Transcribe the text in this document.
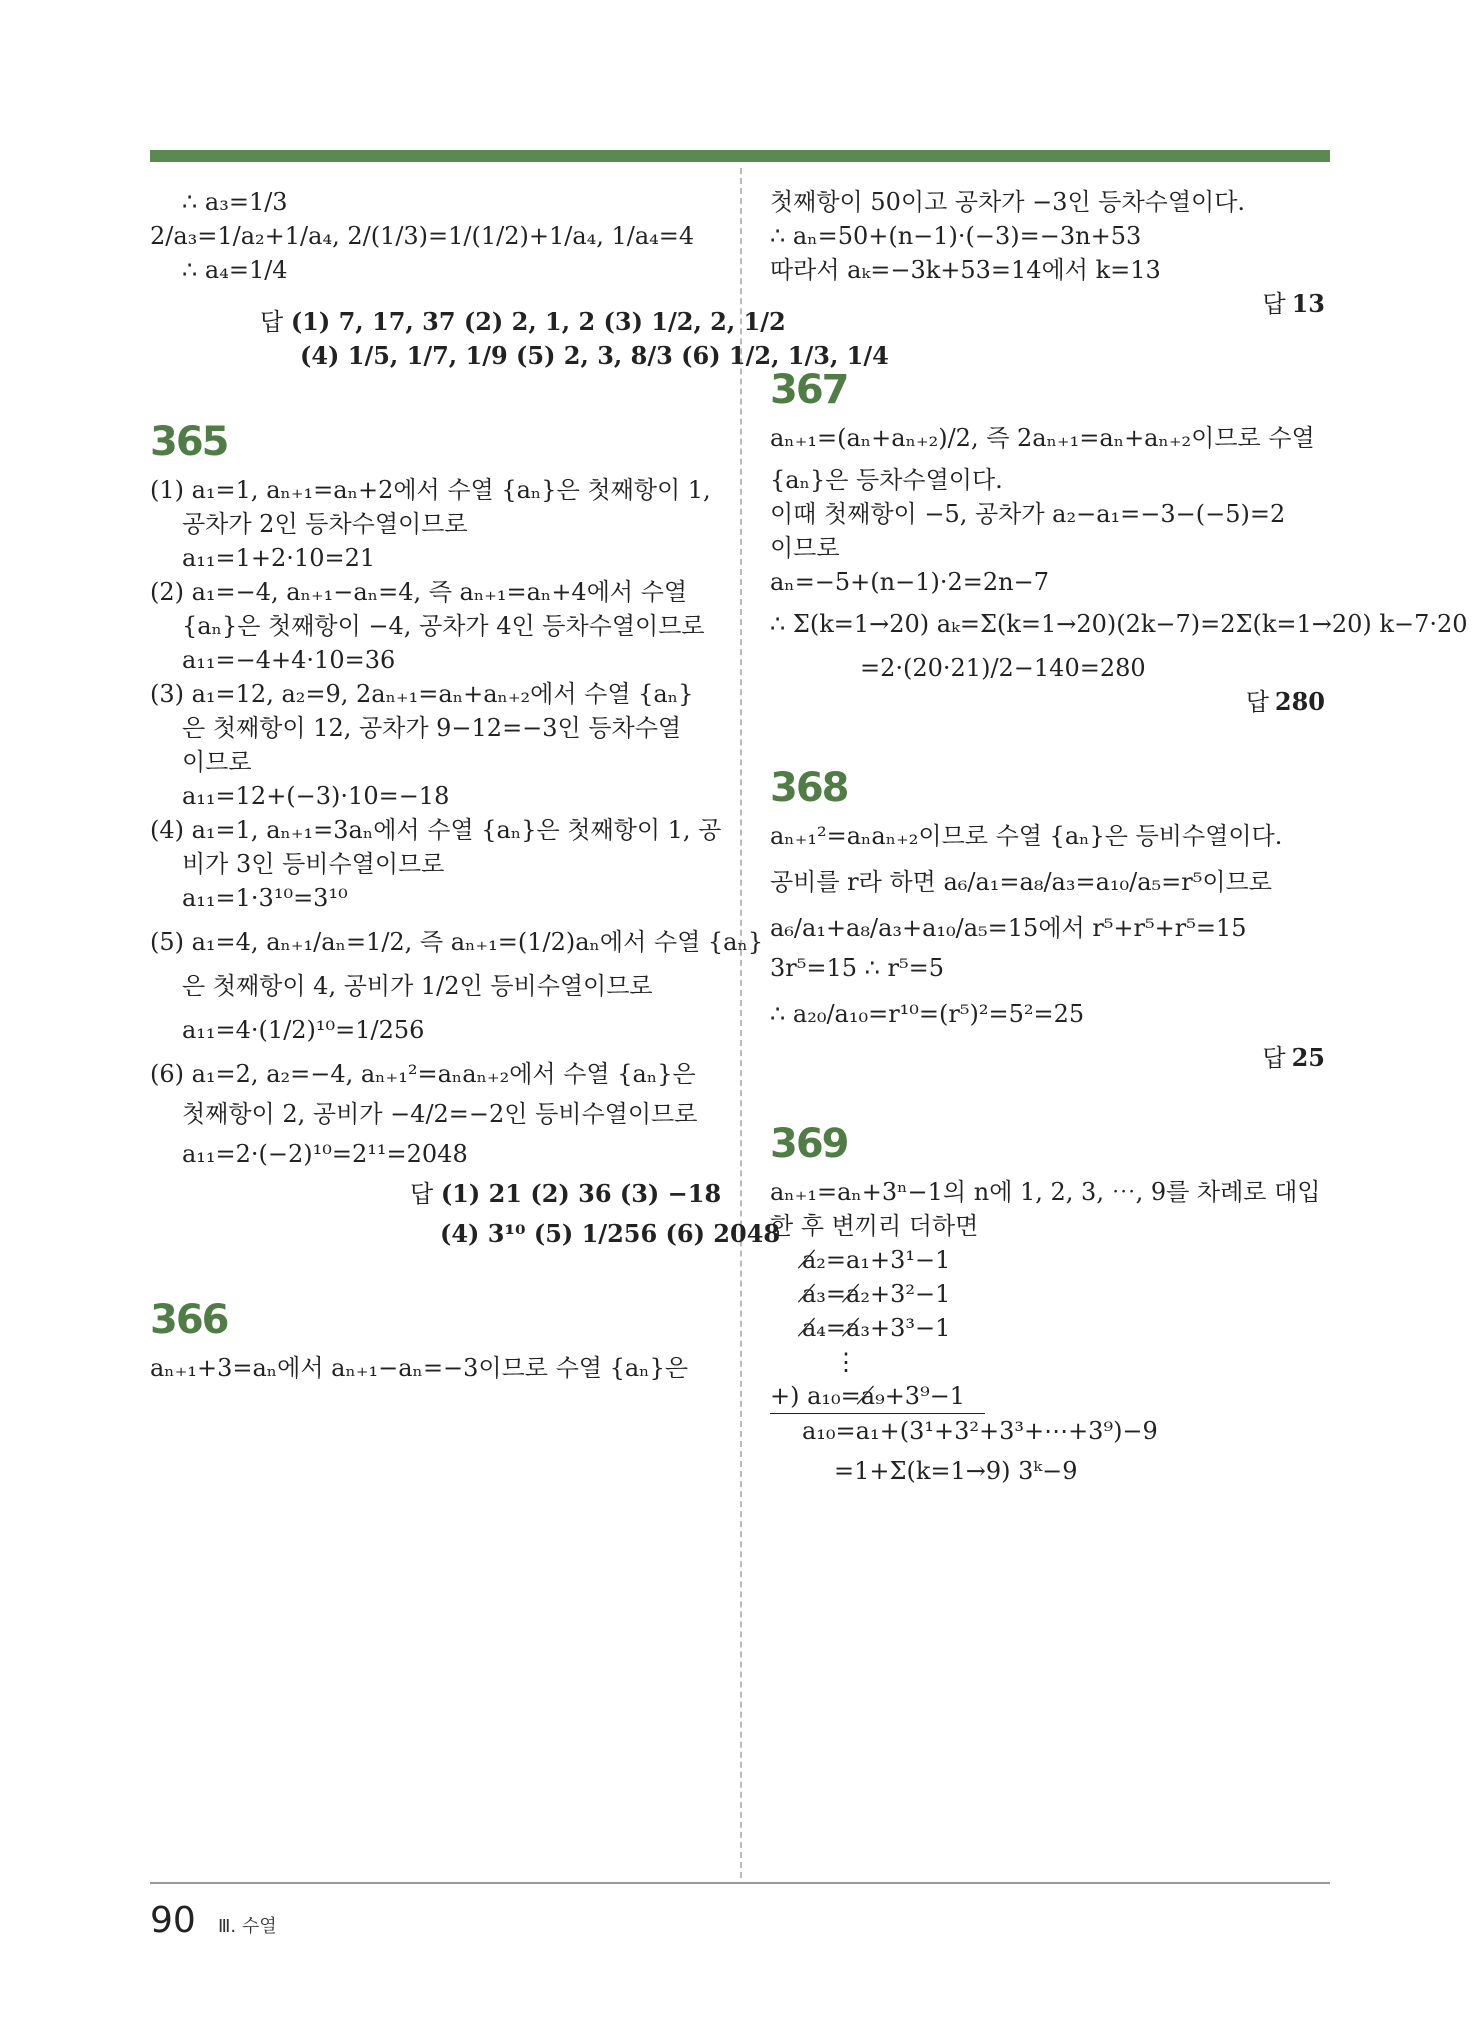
∴ a₃=1/3
2/a₃=1/a₂+1/a₄, 2/(1/3)=1/(1/2)+1/a₄, 1/a₄=4
∴ a₄=1/4
답 (1) 7, 17, 37 (2) 2, 1, 2 (3) 1/2, 2, 1/2
(4) 1/5, 1/7, 1/9 (5) 2, 3, 8/3 (6) 1/2, 1/3, 1/4
365
(1) a₁=1, aₙ₊₁=aₙ+2에서 수열 {aₙ}은 첫째항이 1,
공차가 2인 등차수열이므로
a₁₁=1+2·10=21
(2) a₁=−4, aₙ₊₁−aₙ=4, 즉 aₙ₊₁=aₙ+4에서 수열
{aₙ}은 첫째항이 −4, 공차가 4인 등차수열이므로
a₁₁=−4+4·10=36
(3) a₁=12, a₂=9, 2aₙ₊₁=aₙ+aₙ₊₂에서 수열 {aₙ}
은 첫째항이 12, 공차가 9−12=−3인 등차수열
이므로
a₁₁=12+(−3)·10=−18
(4) a₁=1, aₙ₊₁=3aₙ에서 수열 {aₙ}은 첫째항이 1, 공
비가 3인 등비수열이므로
a₁₁=1·3¹⁰=3¹⁰
(5) a₁=4, aₙ₊₁/aₙ=1/2, 즉 aₙ₊₁=(1/2)aₙ에서 수열 {aₙ}
은 첫째항이 4, 공비가 1/2인 등비수열이므로
a₁₁=4·(1/2)¹⁰=1/256
(6) a₁=2, a₂=−4, aₙ₊₁²=aₙaₙ₊₂에서 수열 {aₙ}은
첫째항이 2, 공비가 −4/2=−2인 등비수열이므로
a₁₁=2·(−2)¹⁰=2¹¹=2048
답 (1) 21 (2) 36 (3) −18
(4) 3¹⁰ (5) 1/256 (6) 2048
366
aₙ₊₁+3=aₙ에서 aₙ₊₁−aₙ=−3이므로 수열 {aₙ}은
첫째항이 50이고 공차가 −3인 등차수열이다.
∴ aₙ=50+(n−1)·(−3)=−3n+53
따라서 aₖ=−3k+53=14에서 k=13
답 13
367
aₙ₊₁=(aₙ+aₙ₊₂)/2, 즉 2aₙ₊₁=aₙ+aₙ₊₂이므로 수열
{aₙ}은 등차수열이다.
이때 첫째항이 −5, 공차가 a₂−a₁=−3−(−5)=2
이므로
aₙ=−5+(n−1)·2=2n−7
∴ Σ(k=1→20) aₖ=Σ(k=1→20)(2k−7)=2Σ(k=1→20) k−7·20
=2·(20·21)/2−140=280
답 280
368
aₙ₊₁²=aₙaₙ₊₂이므로 수열 {aₙ}은 등비수열이다.
공비를 r라 하면 a₆/a₁=a₈/a₃=a₁₀/a₅=r⁵이므로
a₆/a₁+a₈/a₃+a₁₀/a₅=15에서 r⁵+r⁵+r⁵=15
3r⁵=15 ∴ r⁵=5
∴ a₂₀/a₁₀=r¹⁰=(r⁵)²=5²=25
답 25
369
aₙ₊₁=aₙ+3ⁿ−1의 n에 1, 2, 3, ⋯, 9를 차례로 대입
한 후 변끼리 더하면
a̸₂=a₁+3¹−1
a̸₃=a̸₂+3²−1
a̸₄=a̸₃+3³−1
⋮
+) a₁₀=a̸₉+3⁹−1
a₁₀=a₁+(3¹+3²+3³+⋯+3⁹)−9
=1+Σ(k=1→9) 3ᵏ−9
90 Ⅲ. 수열
